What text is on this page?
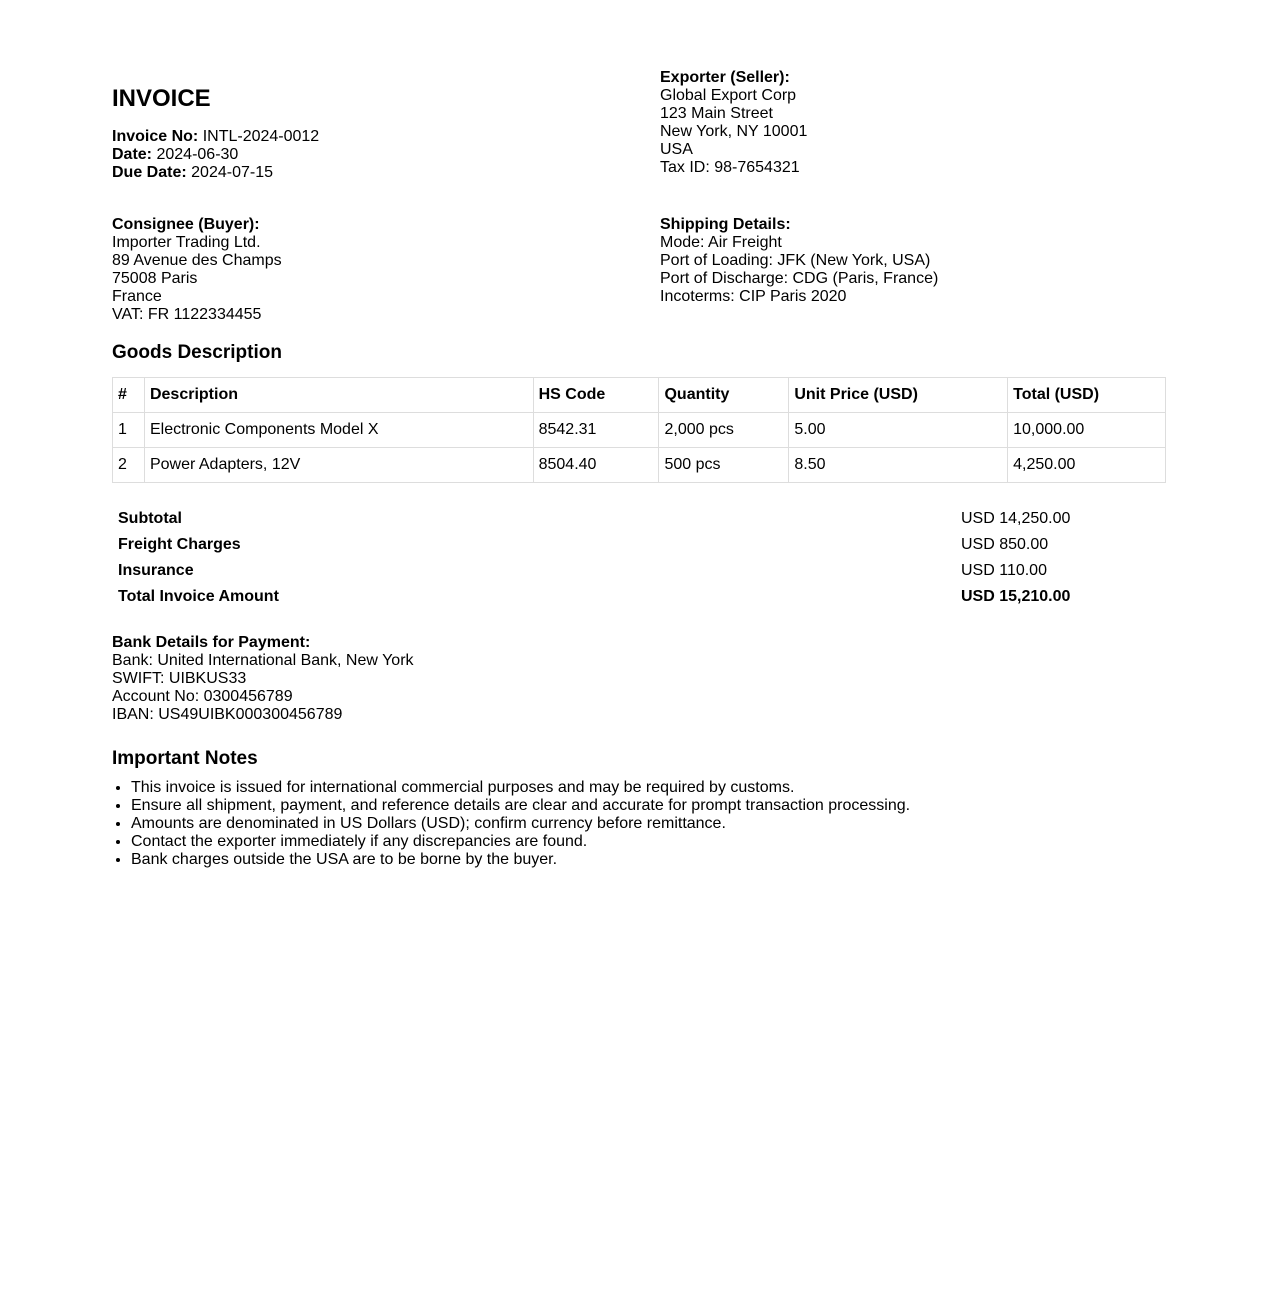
INVOICE
Invoice No: INTL-2024-0012
Date: 2024-06-30
Due Date: 2024-07-15
Exporter (Seller):
Global Export Corp
123 Main Street
New York, NY 10001
USA
Tax ID: 98-7654321
Consignee (Buyer):
Importer Trading Ltd.
89 Avenue des Champs
75008 Paris
France
VAT: FR 1122334455
Shipping Details:
Mode: Air Freight
Port of Loading: JFK (New York, USA)
Port of Discharge: CDG (Paris, France)
Incoterms: CIP Paris 2020
Goods Description
#	Description	HS Code	Quantity	Unit Price (USD)	Total (USD)
1	Electronic Components Model X	8542.31	2,000 pcs	5.00	10,000.00
2	Power Adapters, 12V	8504.40	500 pcs	8.50	4,250.00
Subtotal	USD 14,250.00
Freight Charges	USD 850.00
Insurance	USD 110.00
Total Invoice Amount	USD 15,210.00
Bank Details for Payment:
Bank: United International Bank, New York
SWIFT: UIBKUS33
Account No: 0300456789
IBAN: US49UIBK000300456789
Important Notes
• This invoice is issued for international commercial purposes and may be required by customs.
• Ensure all shipment, payment, and reference details are clear and accurate for prompt transaction processing.
• Amounts are denominated in US Dollars (USD); confirm currency before remittance.
• Contact the exporter immediately if any discrepancies are found.
• Bank charges outside the USA are to be borne by the buyer.
